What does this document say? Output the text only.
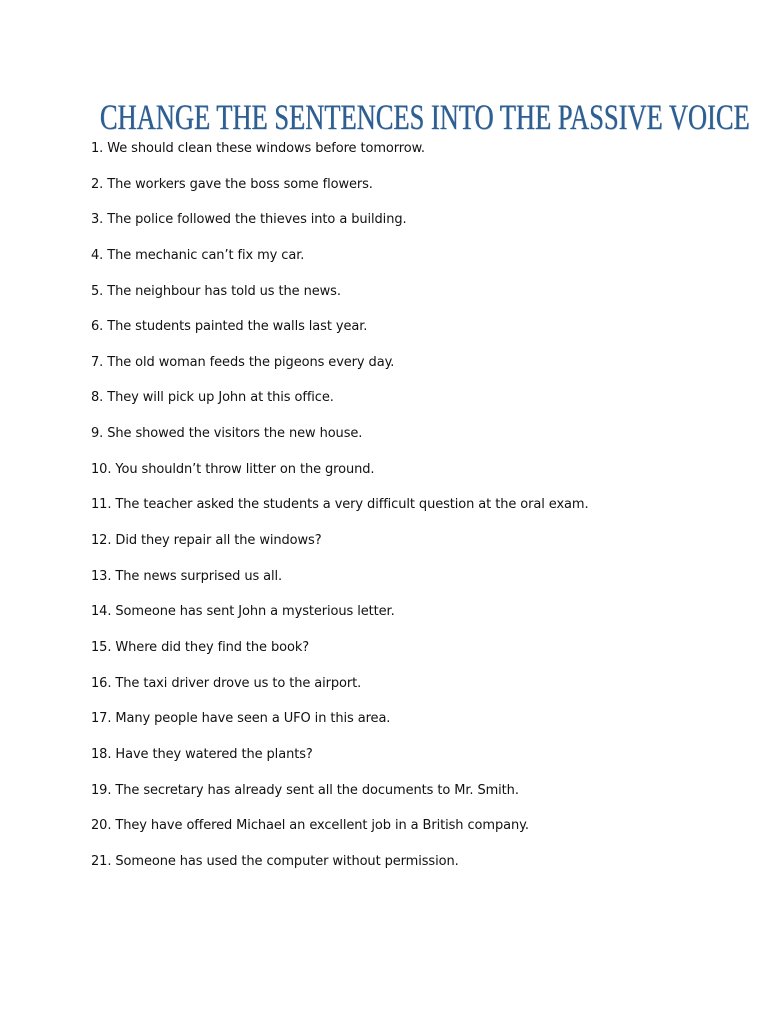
CHANGE THE SENTENCES INTO THE PASSIVE VOICE
1. We should clean these windows before tomorrow.
2. The workers gave the boss some flowers.
3. The police followed the thieves into a building.
4. The mechanic can’t fix my car.
5. The neighbour has told us the news.
6. The students painted the walls last year.
7. The old woman feeds the pigeons every day.
8. They will pick up John at this office.
9. She showed the visitors the new house.
10. You shouldn’t throw litter on the ground.
11. The teacher asked the students a very difficult question at the oral exam.
12. Did they repair all the windows?
13. The news surprised us all.
14. Someone has sent John a mysterious letter.
15. Where did they find the book?
16. The taxi driver drove us to the airport.
17. Many people have seen a UFO in this area.
18. Have they watered the plants?
19. The secretary has already sent all the documents to Mr. Smith.
20. They have offered Michael an excellent job in a British company.
21. Someone has used the computer without permission.
